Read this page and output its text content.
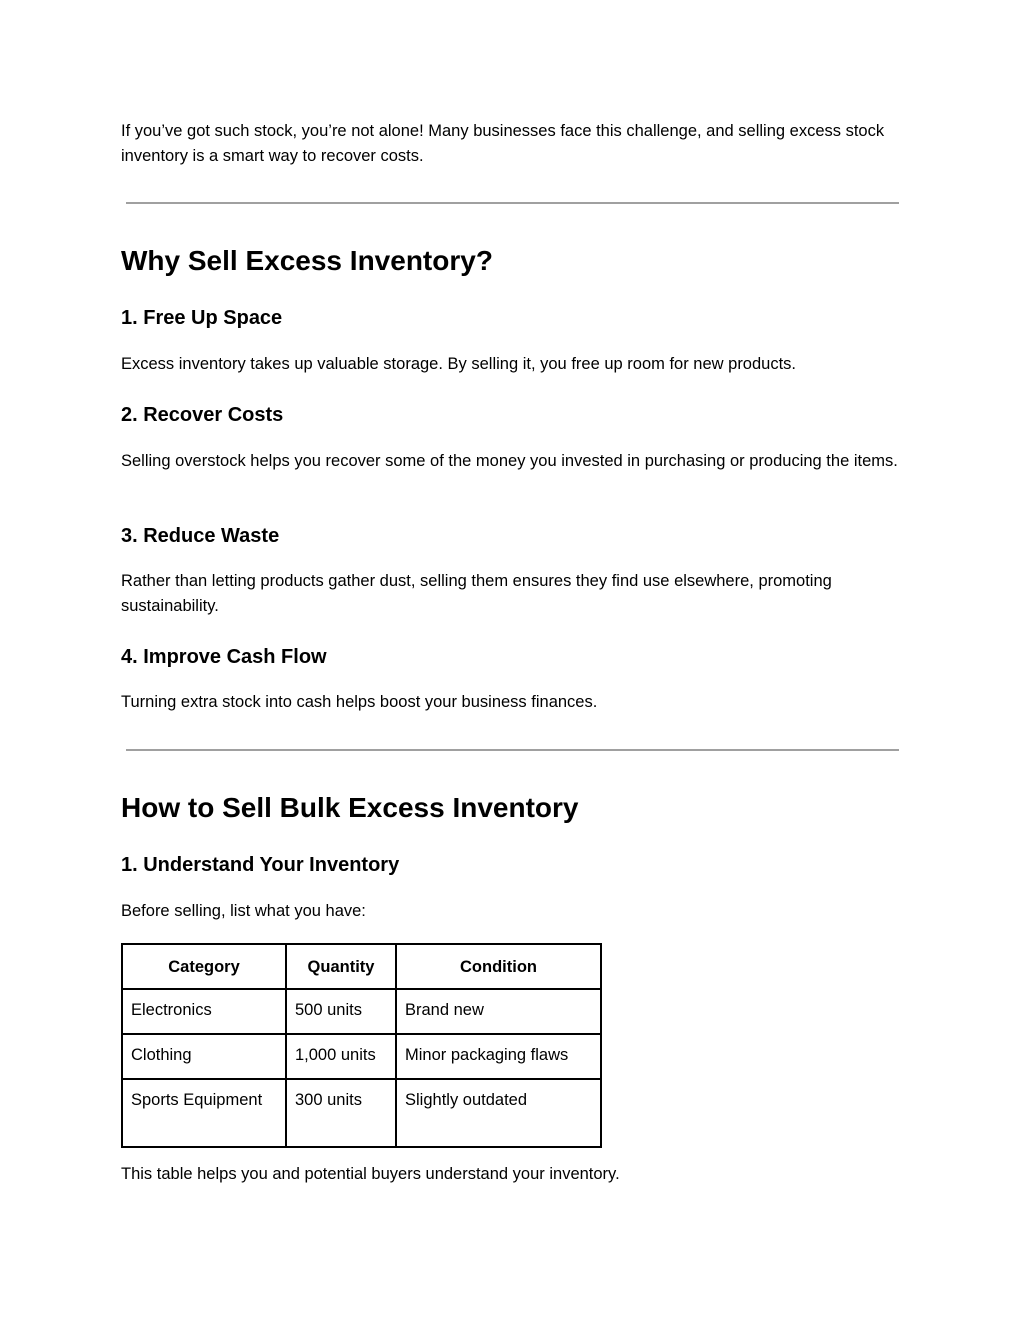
If you’ve got such stock, you’re not alone! Many businesses face this challenge, and selling excess stock inventory is a smart way to recover costs.

Why Sell Excess Inventory?
1. Free Up Space

Excess inventory takes up valuable storage. By selling it, you free up room for new products.

2. Recover Costs

Selling overstock helps you recover some of the money you invested in purchasing or producing the items.

3. Reduce Waste

Rather than letting products gather dust, selling them ensures they find use elsewhere, promoting sustainability.

4. Improve Cash Flow

Turning extra stock into cash helps boost your business finances.

How to Sell Bulk Excess Inventory
1. Understand Your Inventory

Before selling, list what you have:

Category	Quantity	Condition
Electronics	500 units	Brand new
Clothing	1,000 units	Minor packaging flaws
Sports Equipment	300 units	Slightly outdated

This table helps you and potential buyers understand your inventory.
